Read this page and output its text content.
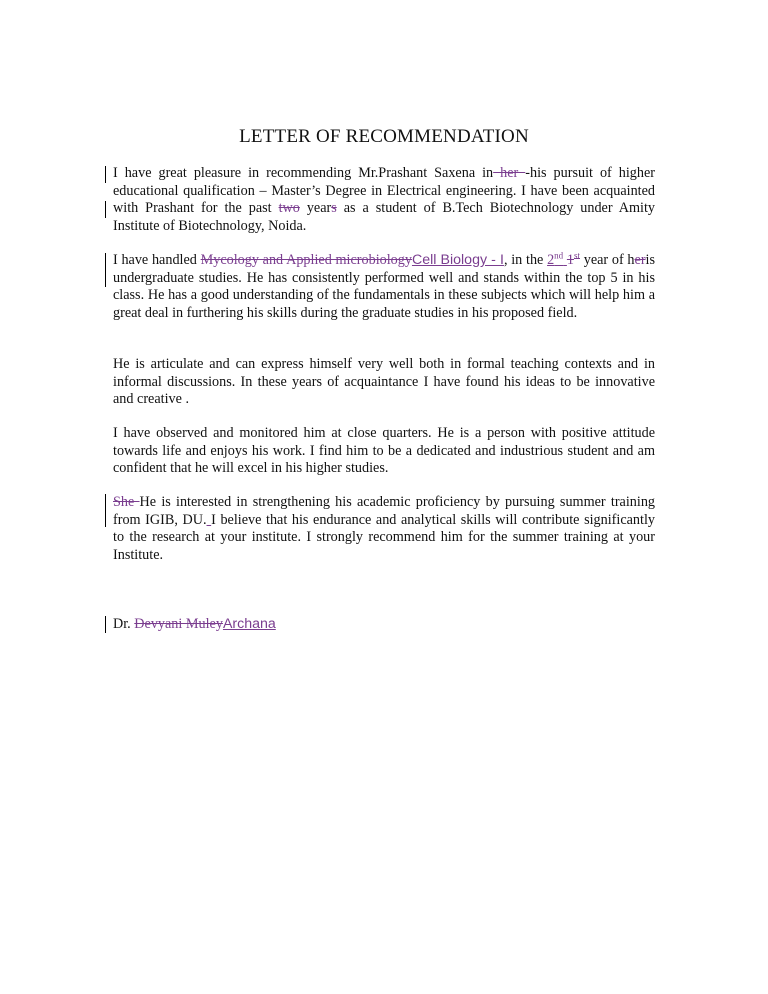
LETTER OF RECOMMENDATION
I have great pleasure in recommending Mr.Prashant Saxena in her -his pursuit of higher educational qualification – Master’s Degree in Electrical engineering. I have been acquainted with Prashant for the past two years as a student of B.Tech Biotechnology under Amity Institute of Biotechnology, Noida.
I have handled Mycology and Applied microbiologyCell Biology - I, in the 2nd 1st year of heris undergraduate studies. He has consistently performed well and stands within the top 5 in his class. He has a good understanding of the fundamentals in these subjects which will help him a great deal in furthering his skills during the graduate studies in his proposed field.
He is articulate and can express himself very well both in formal teaching contexts and in informal discussions. In these years of acquaintance I have found his ideas to be innovative and creative .
I have observed and monitored him at close quarters. He is a person with positive attitude towards life and enjoys his work. I find him to be a dedicated and industrious student and am confident that he will excel in his higher studies.
She He is interested in strengthening his academic proficiency by pursuing summer training from IGIB, DU. I believe that his endurance and analytical skills will contribute significantly to the research at your institute. I strongly recommend him for the summer training at your Institute.
Dr. Devyani MuleyArchana
